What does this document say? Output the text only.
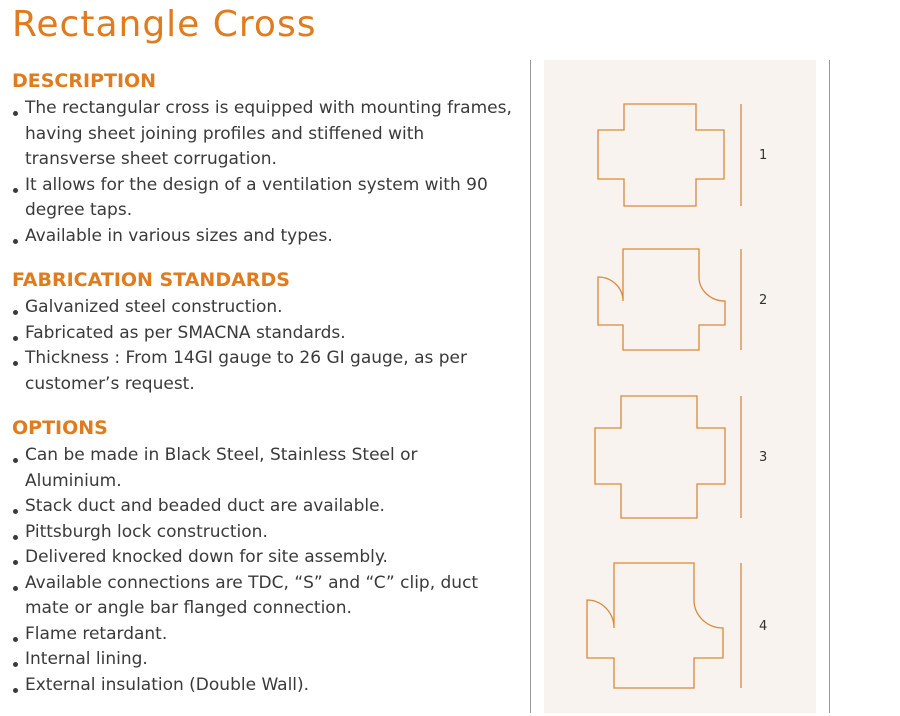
Rectangle Cross
DESCRIPTION
The rectangular cross is equipped with mounting frames, having sheet joining profiles and stiffened with transverse sheet corrugation.
It allows for the design of a ventilation system with 90 degree taps.
Available in various sizes and types.
FABRICATION STANDARDS
Galvanized steel construction.
Fabricated as per SMACNA standards.
Thickness : From 14GI gauge to 26 GI gauge, as per customer’s request.
OPTIONS
Can be made in Black Steel, Stainless Steel or Aluminium.
Stack duct and beaded duct are available.
Pittsburgh lock construction.
Delivered knocked down for site assembly.
Available connections are TDC, “S” and “C” clip, duct mate or angle bar flanged connection.
Flame retardant.
Internal lining.
External insulation (Double Wall).
1
2
3
4
